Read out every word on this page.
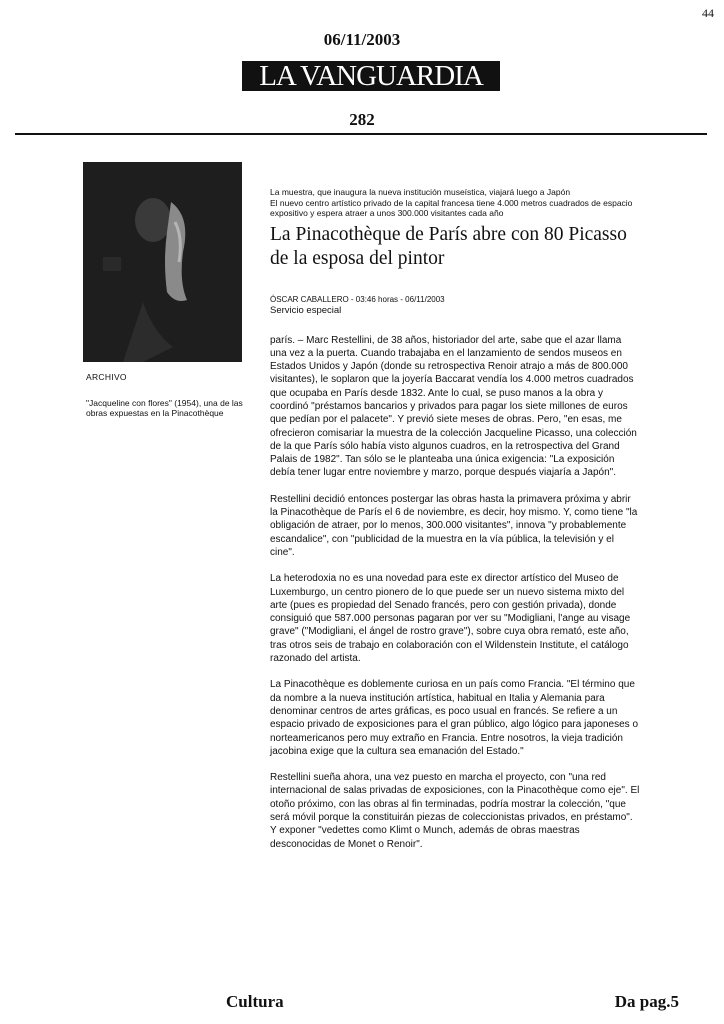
44
06/11/2003
LA VANGUARDIA
282
ARCHIVO
"Jacqueline con flores" (1954), una de las obras expuestas en la Pinacothèque
La muestra, que inaugura la nueva institución museística, viajará luego a Japón
El nuevo centro artístico privado de la capital francesa tiene 4.000 metros cuadrados de espacio expositivo y espera atraer a unos 300.000 visitantes cada año
La Pinacothèque de París abre con 80 Picasso de la esposa del pintor
ÓSCAR CABALLERO - 03:46 horas - 06/11/2003
Servicio especial
parís. – Marc Restellini, de 38 años, historiador del arte, sabe que el azar llama una vez a la puerta. Cuando trabajaba en el lanzamiento de sendos museos en Estados Unidos y Japón (donde su retrospectiva Renoir atrajo a más de 800.000 visitantes), le soplaron que la joyería Baccarat vendía los 4.000 metros cuadrados que ocupaba en París desde 1832. Ante lo cual, se puso manos a la obra y coordinó "préstamos bancarios y privados para pagar los siete millones de euros que pedían por el palacete". Y previó siete meses de obras. Pero, "en esas, me ofrecieron comisariar la muestra de la colección Jacqueline Picasso, una colección de la que París sólo había visto algunos cuadros, en la retrospectiva del Grand Palais de 1982". Tan sólo se le planteaba una única exigencia: "La exposición debía tener lugar entre noviembre y marzo, porque después viajaría a Japón".
Restellini decidió entonces postergar las obras hasta la primavera próxima y abrir la Pinacothèque de París el 6 de noviembre, es decir, hoy mismo. Y, como tiene "la obligación de atraer, por lo menos, 300.000 visitantes", innova "y probablemente escandalice", con "publicidad de la muestra en la vía pública, la televisión y el cine".
La heterodoxia no es una novedad para este ex director artístico del Museo de Luxemburgo, un centro pionero de lo que puede ser un nuevo sistema mixto del arte (pues es propiedad del Senado francés, pero con gestión privada), donde consiguió que 587.000 personas pagaran por ver su "Modigliani, l'ange au visage grave" ("Modigliani, el ángel de rostro grave"), sobre cuya obra remató, este año, tras otros seis de trabajo en colaboración con el Wildenstein Institute, el catálogo razonado del artista.
La Pinacothèque es doblemente curiosa en un país como Francia. "El término que da nombre a la nueva institución artística, habitual en Italia y Alemania para denominar centros de artes gráficas, es poco usual en francés. Se refiere a un espacio privado de exposiciones para el gran público, algo lógico para japoneses o norteamericanos pero muy extraño en Francia. Entre nosotros, la vieja tradición jacobina exige que la cultura sea emanación del Estado."
Restellini sueña ahora, una vez puesto en marcha el proyecto, con "una red internacional de salas privadas de exposiciones, con la Pinacothèque como eje". El otoño próximo, con las obras al fin terminadas, podría mostrar la colección, "que será móvil porque la constituirán piezas de coleccionistas privados, en préstamo". Y exponer "vedettes como Klimt o Munch, además de obras maestras desconocidas de Monet o Renoir".
Cultura	Da pag.5
